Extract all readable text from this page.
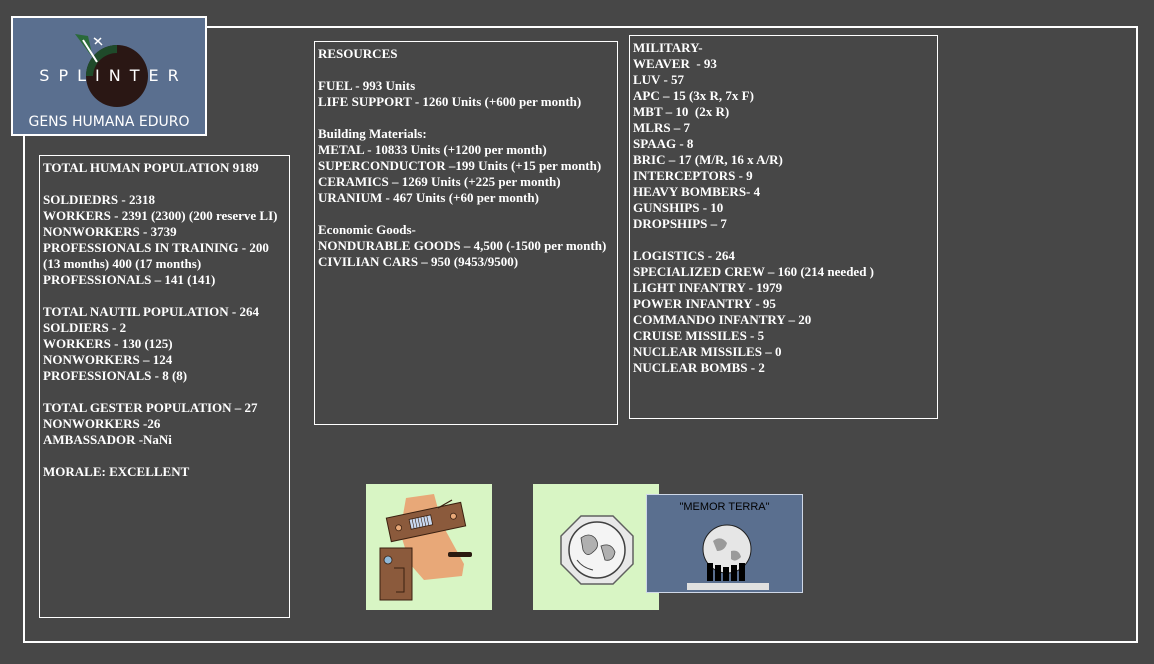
SPLINTER
GENS HUMANA EDURO
TOTAL HUMAN POPULATION 9189
SOLDIEDRS - 2318
WORKERS - 2391 (2300) (200 reserve LI)
NONWORKERS - 3739
PROFESSIONALS IN TRAINING - 200 (13 months) 400 (17 months)
PROFESSIONALS – 141 (141)
TOTAL NAUTIL POPULATION - 264
SOLDIERS - 2
WORKERS - 130 (125)
NONWORKERS – 124
PROFESSIONALS - 8 (8)
TOTAL GESTER POPULATION – 27
NONWORKERS -26
AMBASSADOR -NaNi
MORALE: EXCELLENT
RESOURCES
FUEL - 993 Units
LIFE SUPPORT - 1260 Units (+600 per month)
Building Materials:
METAL - 10833 Units (+1200 per month)
SUPERCONDUCTOR –199 Units (+15 per month)
CERAMICS – 1269 Units (+225 per month)
URANIUM - 467 Units (+60 per month)
Economic Goods-
NONDURABLE GOODS – 4,500 (-1500 per month)
CIVILIAN CARS – 950 (9453/9500)
MILITARY-
WEAVER  - 93
LUV - 57
APC – 15 (3x R, 7x F)
MBT – 10  (2x R)
MLRS – 7
SPAAG - 8
BRIC – 17 (M/R, 16 x A/R)
INTERCEPTORS - 9
HEAVY BOMBERS- 4
GUNSHIPS - 10
DROPSHIPS – 7
LOGISTICS - 264
SPECIALIZED CREW – 160 (214 needed )
LIGHT INFANTRY - 1979
POWER INFANTRY - 95
COMMANDO INFANTRY – 20
CRUISE MISSILES - 5
NUCLEAR MISSILES – 0
NUCLEAR BOMBS - 2
"MEMOR TERRA"
